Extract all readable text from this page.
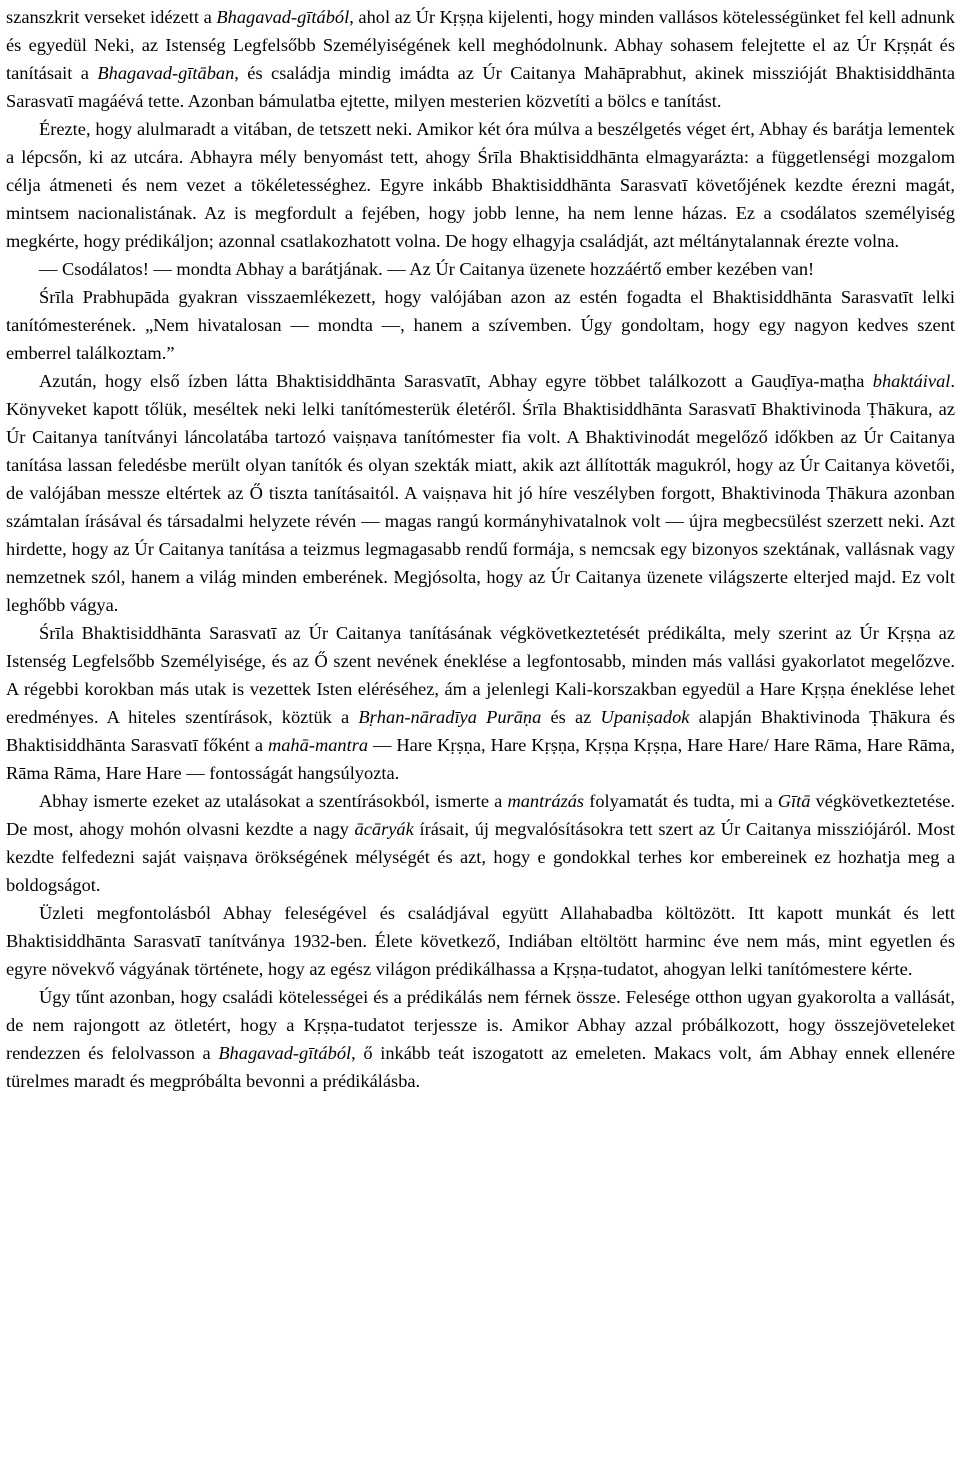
szanszkrit verseket idézett a Bhagavad-gītából, ahol az Úr Kṛṣṇa kijelenti, hogy minden vallásos kötelességünket fel kell adnunk és egyedül Neki, az Istenség Legfelsőbb Személyiségének kell meghódolnunk. Abhay sohasem felejtette el az Úr Kṛṣṇát és tanításait a Bhagavad-gītāban, és családja mindig imádta az Úr Caitanya Mahāprabhut, akinek misszióját Bhaktisiddhānta Sarasvatī magáévá tette. Azonban bámulatba ejtette, milyen mesterien közvetíti a bölcs e tanítást.

Érezte, hogy alulmaradt a vitában, de tetszett neki. Amikor két óra múlva a beszélgetés véget ért, Abhay és barátja lementek a lépcsőn, ki az utcára. Abhayra mély benyomást tett, ahogy Śrīla Bhaktisiddhānta elmagyarázta: a függetlenségi mozgalom célja átmeneti és nem vezet a tökéletességhez. Egyre inkább Bhaktisiddhānta Sarasvatī követőjének kezdte érezni magát, mintsem nacionalistának. Az is megfordult a fejében, hogy jobb lenne, ha nem lenne házas. Ez a csodálatos személyiség megkérte, hogy prédikáljon; azonnal csatlakozhatott volna. De hogy elhagyja családját, azt méltánytalannak érezte volna.

— Csodálatos! — mondta Abhay a barátjának. — Az Úr Caitanya üzenete hozzáértő ember kezében van!

Śrīla Prabhupāda gyakran visszaemlékezett, hogy valójában azon az estén fogadta el Bhaktisiddhānta Sarasvatīt lelki tanítómesterének. „Nem hivatalosan — mondta —, hanem a szívemben. Úgy gondoltam, hogy egy nagyon kedves szent emberrel találkoztam.”

Azután, hogy első ízben látta Bhaktisiddhānta Sarasvatīt, Abhay egyre többet találkozott a Gauḍīya-maṭha bhaktáival. Könyveket kapott tőlük, meséltek neki lelki tanítómesterük életéről. Śrīla Bhaktisiddhānta Sarasvatī Bhaktivinoda Ṭhākura, az Úr Caitanya tanítványi láncolatába tartozó vaiṣṇava tanítómester fia volt. A Bhaktivinodát megelőző időkben az Úr Caitanya tanítása lassan feledésbe merült olyan tanítók és olyan szekták miatt, akik azt állították magukról, hogy az Úr Caitanya követői, de valójában messze eltértek az Ő tiszta tanításaitól. A vaiṣṇava hit jó híre veszélyben forgott, Bhaktivinoda Ṭhākura azonban számtalan írásával és társadalmi helyzete révén — magas rangú kormányhivatalnok volt — újra megbecsülést szerzett neki. Azt hirdette, hogy az Úr Caitanya tanítása a teizmus legmagasabb rendű formája, s nemcsak egy bizonyos szektának, vallásnak vagy nemzetnek szól, hanem a világ minden emberének. Megjósolta, hogy az Úr Caitanya üzenete világszerte elterjed majd. Ez volt leghőbb vágya.

Śrīla Bhaktisiddhānta Sarasvatī az Úr Caitanya tanításának végkövetkeztetését prédikálta, mely szerint az Úr Kṛṣṇa az Istenség Legfelsőbb Személyisége, és az Ő szent nevének éneklése a legfontosabb, minden más vallási gyakorlatot megelőzve. A régebbi korokban más utak is vezettek Isten eléréséhez, ám a jelenlegi Kali-korszakban egyedül a Hare Kṛṣṇa éneklése lehet eredményes. A hiteles szentírások, köztük a Bṛhan-nāradīya Purāṇa és az Upaniṣadok alapján Bhaktivinoda Ṭhākura és Bhaktisiddhānta Sarasvatī főként a mahā-mantra — Hare Kṛṣṇa, Hare Kṛṣṇa, Kṛṣṇa Kṛṣṇa, Hare Hare/ Hare Rāma, Hare Rāma, Rāma Rāma, Hare Hare — fontosságát hangsúlyozta.

Abhay ismerte ezeket az utalásokat a szentírásokból, ismerte a mantrázás folyamatát és tudta, mi a Gītā végkövetkeztetése. De most, ahogy mohón olvasni kezdte a nagy ācāryák írásait, új megvalósításokra tett szert az Úr Caitanya missziójáról. Most kezdte felfedezni saját vaiṣṇava örökségének mélységét és azt, hogy e gondokkal terhes kor embereinek ez hozhatja meg a boldogságot.

Üzleti megfontolásból Abhay feleségével és családjával együtt Allahabadba költözött. Itt kapott munkát és lett Bhaktisiddhānta Sarasvatī tanítványa 1932-ben. Élete következő, Indiában eltöltött harminc éve nem más, mint egyetlen és egyre növekvő vágyának története, hogy az egész világon prédikálhassa a Kṛṣṇa-tudatot, ahogyan lelki tanítómestere kérte.

Úgy tűnt azonban, hogy családi kötelességei és a prédikálás nem férnek össze. Felesége otthon ugyan gyakorolta a vallását, de nem rajongott az ötletért, hogy a Kṛṣṇa-tudatot terjessze is. Amikor Abhay azzal próbálkozott, hogy összejöveteleket rendezzen és felolvasson a Bhagavad-gītából, ő inkább teát iszogatott az emeleten. Makacs volt, ám Abhay ennek ellenére türelmes maradt és megpróbálta bevonni a prédikálásba.
